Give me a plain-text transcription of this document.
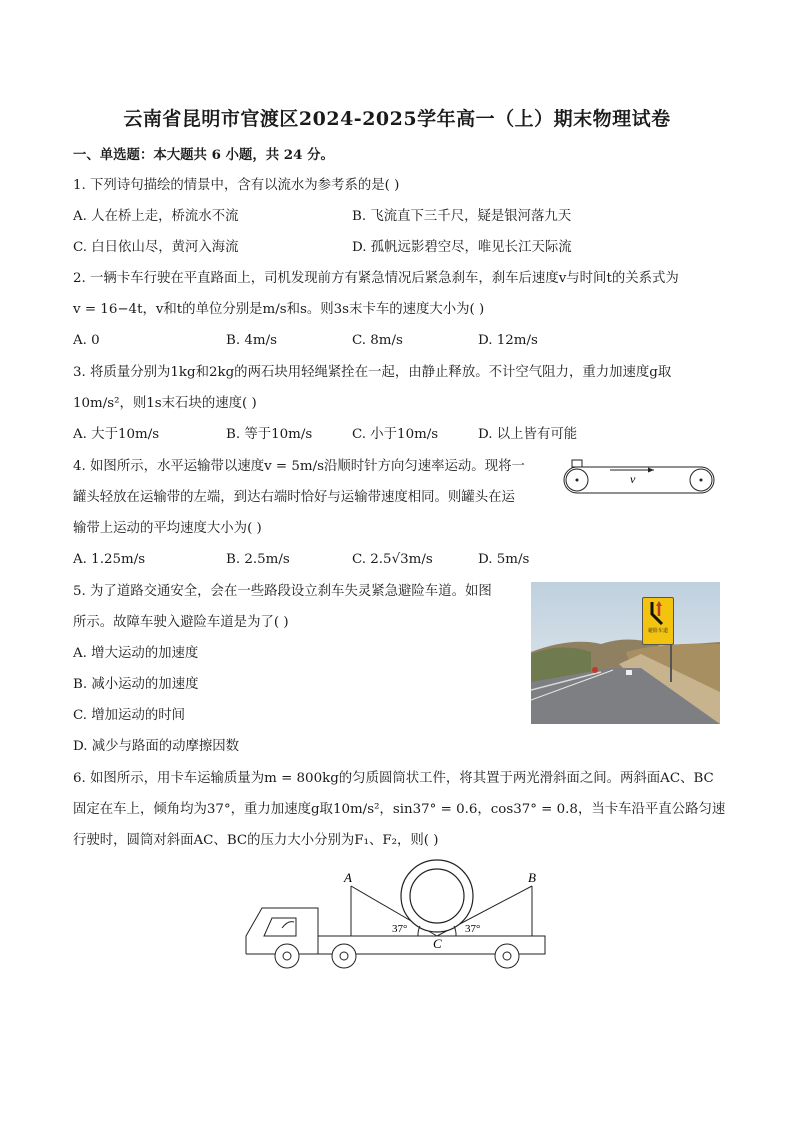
云南省昆明市官渡区2024-2025学年高一（上）期末物理试卷
一、单选题：本大题共 6 小题，共 24 分。
1. 下列诗句描绘的情景中，含有以流水为参考系的是( )
A. 人在桥上走，桥流水不流	B. 飞流直下三千尺，疑是银河落九天
C. 白日依山尽，黄河入海流	D. 孤帆远影碧空尽，唯见长江天际流
2. 一辆卡车行驶在平直路面上，司机发现前方有紧急情况后紧急刹车，刹车后速度v与时间t的关系式为
v = 16−4t，v和t的单位分别是m/s和s。则3s末卡车的速度大小为( )
A. 0	B. 4m/s	C. 8m/s	D. 12m/s
3. 将质量分别为1kg和2kg的两石块用轻绳紧拴在一起，由静止释放。不计空气阻力，重力加速度g取
10m/s²，则1s末石块的速度( )
A. 大于10m/s	B. 等于10m/s	C. 小于10m/s	D. 以上皆有可能
4. 如图所示，水平运输带以速度v = 5m/s沿顺时针方向匀速率运动。现将一
罐头轻放在运输带的左端，到达右端时恰好与运输带速度相同。则罐头在运
输带上运动的平均速度大小为( )
A. 1.25m/s	B. 2.5m/s	C. 2.5√3m/s	D. 5m/s
v
5. 为了道路交通安全，会在一些路段设立刹车失灵紧急避险车道。如图
所示。故障车驶入避险车道是为了( )
A. 增大运动的加速度
B. 减小运动的加速度
C. 增加运动的时间
D. 减少与路面的动摩擦因数
避险车道
6. 如图所示，用卡车运输质量为m = 800kg的匀质圆筒状工件，将其置于两光滑斜面之间。两斜面AC、BC
固定在车上，倾角均为37°，重力加速度g取10m/s²，sin37° = 0.6，cos37° = 0.8，当卡车沿平直公路匀速
行驶时，圆筒对斜面AC、BC的压力大小分别为F₁、F₂，则( )
A	B
C
37°	37°
